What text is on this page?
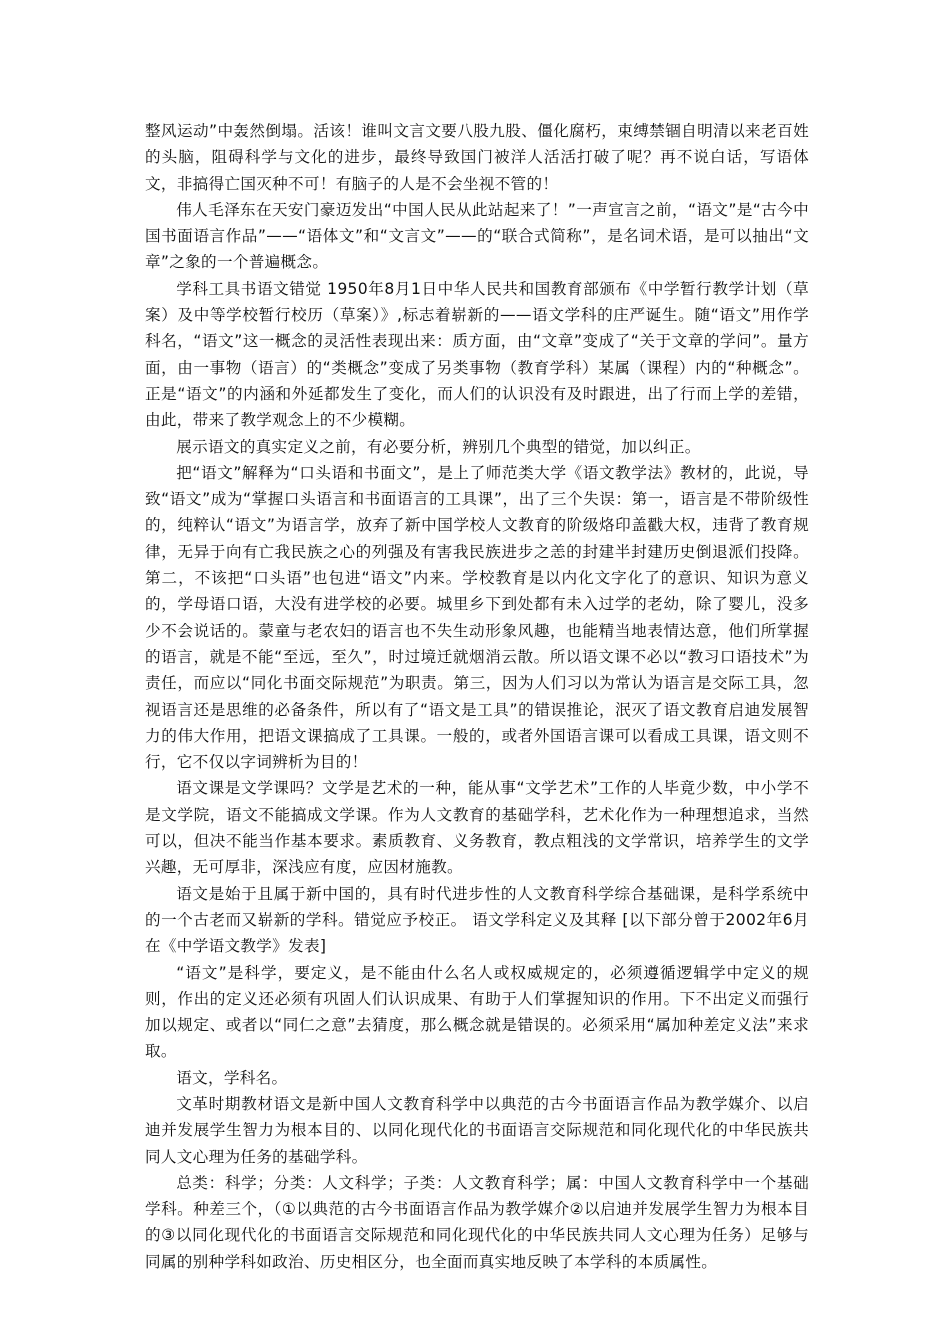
整风运动”中轰然倒塌。活该！谁叫文言文要八股九股、僵化腐朽，束缚禁锢自明清以来老百姓的头脑，阻碍科学与文化的进步，最终导致国门被洋人活活打破了呢？再不说白话，写语体文，非搞得亡国灭种不可！有脑子的人是不会坐视不管的！

伟人毛泽东在天安门豪迈发出“中国人民从此站起来了！”一声宣言之前，“语文”是“古今中国书面语言作品”——“语体文”和“文言文”——的“联合式简称”，是名词术语，是可以抽出“文章”之象的一个普遍概念。

学科工具书语文错觉 1950年8月1日中华人民共和国教育部颁布《中学暂行教学计划（草案）及中等学校暂行校历（草案）》,标志着崭新的——语文学科的庄严诞生。随“语文”用作学科名，“语文”这一概念的灵活性表现出来：质方面，由“文章”变成了“关于文章的学问”。量方面，由一事物（语言）的“类概念”变成了另类事物（教育学科）某属（课程）内的“种概念”。正是“语文”的内涵和外延都发生了变化，而人们的认识没有及时跟进，出了行而上学的差错，由此，带来了教学观念上的不少模糊。

展示语文的真实定义之前，有必要分析，辨别几个典型的错觉，加以纠正。

把“语文”解释为“口头语和书面文”，是上了师范类大学《语文教学法》教材的，此说，导致“语文”成为“掌握口头语言和书面语言的工具课”，出了三个失误：第一，语言是不带阶级性的，纯粹认“语文”为语言学，放弃了新中国学校人文教育的阶级烙印盖戳大权，违背了教育规律，无异于向有亡我民族之心的列强及有害我民族进步之恙的封建半封建历史倒退派们投降。第二，不该把“口头语”也包进“语文”内来。学校教育是以内化文字化了的意识、知识为意义的，学母语口语，大没有进学校的必要。城里乡下到处都有未入过学的老幼，除了婴儿，没多少不会说话的。蒙童与老农妇的语言也不失生动形象风趣，也能精当地表情达意，他们所掌握的语言，就是不能“至远，至久”，时过境迁就烟消云散。所以语文课不必以“教习口语技术”为责任，而应以“同化书面交际规范”为职责。第三，因为人们习以为常认为语言是交际工具，忽视语言还是思维的必备条件，所以有了“语文是工具”的错误推论，泯灭了语文教育启迪发展智力的伟大作用，把语文课搞成了工具课。一般的，或者外国语言课可以看成工具课，语文则不行，它不仅以字词辨析为目的！

语文课是文学课吗？文学是艺术的一种，能从事“文学艺术”工作的人毕竟少数，中小学不是文学院，语文不能搞成文学课。作为人文教育的基础学科，艺术化作为一种理想追求，当然可以，但决不能当作基本要求。素质教育、义务教育，教点粗浅的文学常识，培养学生的文学兴趣，无可厚非，深浅应有度，应因材施教。

语文是始于且属于新中国的，具有时代进步性的人文教育科学综合基础课，是科学系统中的一个古老而又崭新的学科。错觉应予校正。 语文学科定义及其释 [以下部分曾于2002年6月在《中学语文教学》发表]

“语文”是科学，要定义，是不能由什么名人或权威规定的，必须遵循逻辑学中定义的规则，作出的定义还必须有巩固人们认识成果、有助于人们掌握知识的作用。下不出定义而强行加以规定、或者以“同仁之意”去猜度，那么概念就是错误的。必须采用“属加种差定义法”来求取。

语文，学科名。

文革时期教材语文是新中国人文教育科学中以典范的古今书面语言作品为教学媒介、以启迪并发展学生智力为根本目的、以同化现代化的书面语言交际规范和同化现代化的中华民族共同人文心理为任务的基础学科。

总类：科学；分类：人文科学；子类：人文教育科学；属：中国人文教育科学中一个基础学科。种差三个，（①以典范的古今书面语言作品为教学媒介②以启迪并发展学生智力为根本目的③以同化现代化的书面语言交际规范和同化现代化的中华民族共同人文心理为任务）足够与同属的别种学科如政治、历史相区分，也全面而真实地反映了本学科的本质属性。
